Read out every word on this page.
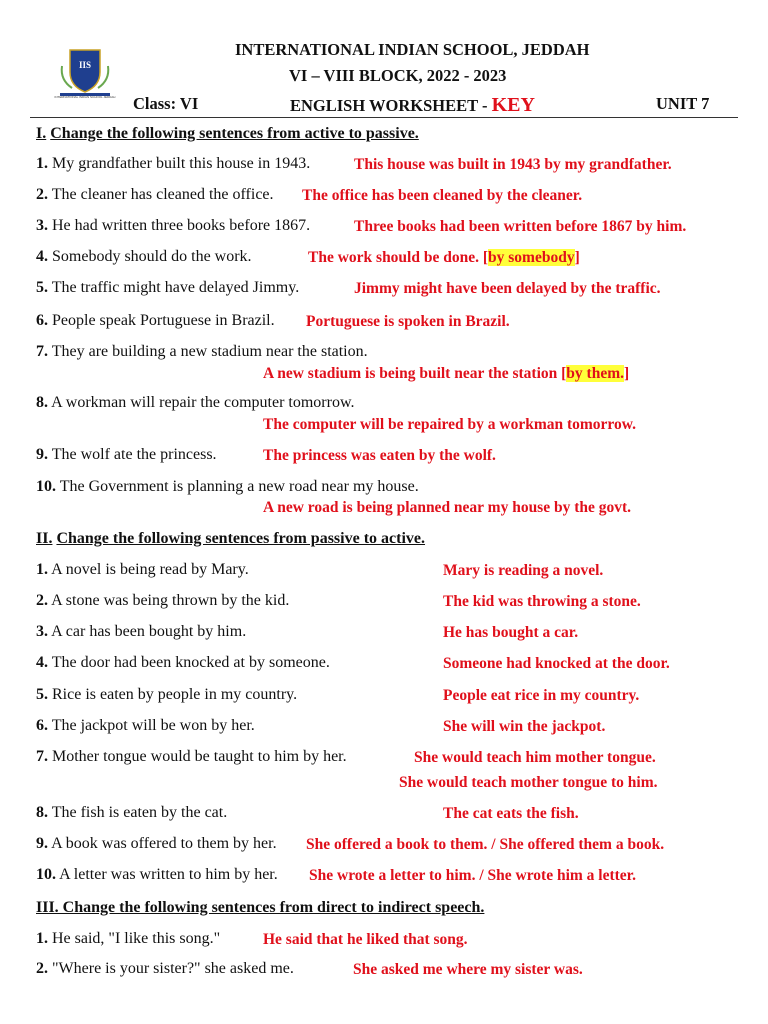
IIS
INTERNATIONAL INDIAN SCHOOL JEDDAH
INTERNATIONAL INDIAN SCHOOL, JEDDAH
VI – VIII BLOCK, 2022 - 2023
Class: VI	ENGLISH WORKSHEET - KEY	UNIT 7
I. Change the following sentences from active to passive.
1. My grandfather built this house in 1943.	This house was built in 1943 by my grandfather.
2. The cleaner has cleaned the office. The office has been cleaned by the cleaner.
3. He had written three books before 1867.	Three books had been written before 1867 by him.
4. Somebody should do the work.	The work should be done. [by somebody]
5. The traffic might have delayed Jimmy.	Jimmy might have been delayed by the traffic.
6. People speak Portuguese in Brazil. Portuguese is spoken in Brazil.
7. They are building a new stadium near the station.
A new stadium is being built near the station [by them.]
8. A workman will repair the computer tomorrow.
The computer will be repaired by a workman tomorrow.
9. The wolf ate the princess.	The princess was eaten by the wolf.
10. The Government is planning a new road near my house.
A new road is being planned near my house by the govt.
II. Change the following sentences from passive to active.
1. A novel is being read by Mary.	Mary is reading a novel.
2. A stone was being thrown by the kid.	The kid was throwing a stone.
3. A car has been bought by him.	He has bought a car.
4. The door had been knocked at by someone.	Someone had knocked at the door.
5. Rice is eaten by people in my country.	People eat rice in my country.
6. The jackpot will be won by her.	She will win the jackpot.
7. Mother tongue would be taught to him by her.	She would teach him mother tongue.
She would teach mother tongue to him.
8. The fish is eaten by the cat.	The cat eats the fish.
9. A book was offered to them by her. She offered a book to them. / She offered them a book.
10. A letter was written to him by her. She wrote a letter to him. / She wrote him a letter.
III. Change the following sentences from direct to indirect speech.
1. He said, "I like this song."	He said that he liked that song.
2. "Where is your sister?" she asked me.	She asked me where my sister was.
